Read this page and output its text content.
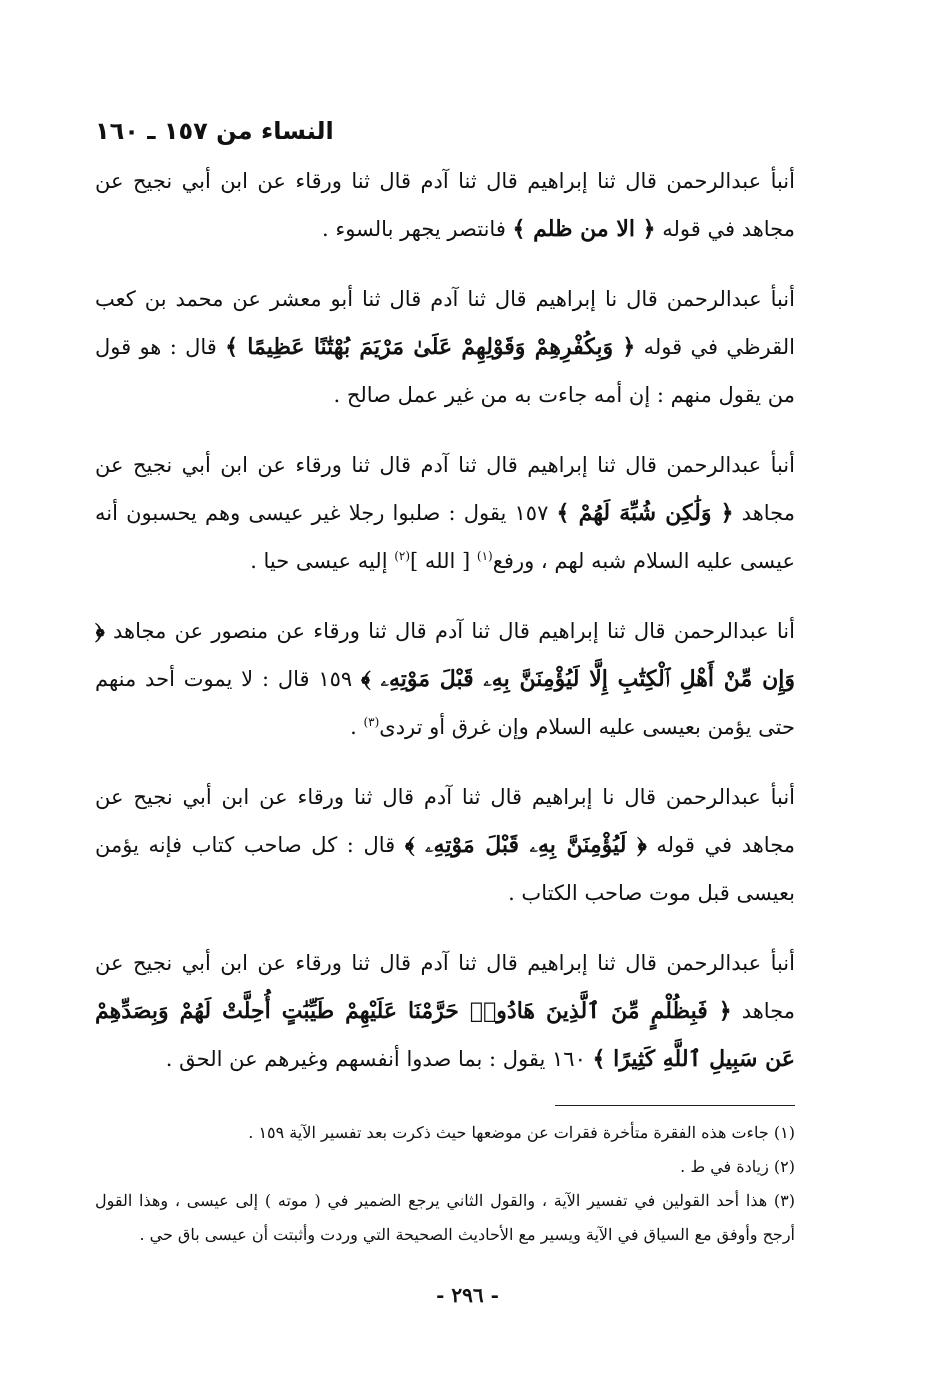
النساء من ١٥٧ ـ ١٦٠

أنبأ عبدالرحمن قال ثنا إبراهيم قال ثنا آدم قال ثنا ورقاء عن ابن أبي نجيح عن مجاهد في قوله ﴿ الا من ظلم ﴾ فانتصر يجهر بالسوء .

أنبأ عبدالرحمن قال نا إبراهيم قال ثنا آدم قال ثنا أبو معشر عن محمد بن كعب القرظي في قوله ﴿ وَبِكُفْرِهِمْ وَقَوْلِهِمْ عَلَىٰ مَرْيَمَ بُهْتَٰنًا عَظِيمًا ﴾ قال : هو قول من يقول منهم : إن أمه جاءت به من غير عمل صالح .

أنبأ عبدالرحمن قال ثنا إبراهيم قال ثنا آدم قال ثنا ورقاء عن ابن أبي نجيح عن مجاهد ﴿ وَلَٰكِن شُبِّهَ لَهُمْ ﴾ ١٥٧ يقول : صلبوا رجلا غير عيسى وهم يحسبون أنه عيسى عليه السلام شبه لهم ، ورفع$^{(١)}$ [ الله ]$^{(٢)}$ إليه عيسى حيا .

أنا عبدالرحمن قال ثنا إبراهيم قال ثنا آدم قال ثنا ورقاء عن منصور عن مجاهد ﴿ وَإِن مِّنْ أَهْلِ ٱلْكِتَٰبِ إِلَّا لَيُؤْمِنَنَّ بِهِۦ قَبْلَ مَوْتِهِۦ ﴾ ١٥٩ قال : لا يموت أحد منهم حتى يؤمن بعيسى عليه السلام وإن غرق أو تردى$^{(٣)}$ .

أنبأ عبدالرحمن قال نا إبراهيم قال ثنا آدم قال ثنا ورقاء عن ابن أبي نجيح عن مجاهد في قوله ﴿ لَيُؤْمِنَنَّ بِهِۦ قَبْلَ مَوْتِهِۦ ﴾ قال : كل صاحب كتاب فإنه يؤمن بعيسى قبل موت صاحب الكتاب .

أنبأ عبدالرحمن قال ثنا إبراهيم قال ثنا آدم قال ثنا ورقاء عن ابن أبي نجيح عن مجاهد ﴿ فَبِظُلْمٍ مِّنَ ٱلَّذِينَ هَادُوا۟ حَرَّمْنَا عَلَيْهِمْ طَيِّبَٰتٍ أُحِلَّتْ لَهُمْ وَبِصَدِّهِمْ عَن سَبِيلِ ٱللَّهِ كَثِيرًا ﴾ ١٦٠ يقول : بما صدوا أنفسهم وغيرهم عن الحق .

(١) جاءت هذه الفقرة متأخرة فقرات عن موضعها حيث ذكرت بعد تفسير الآية ١٥٩ .
(٢) زيادة في ط .
(٣) هذا أحد القولين في تفسير الآية ، والقول الثاني يرجع الضمير في ( موته ) إلى عيسى ، وهذا القول أرجح وأوفق مع السياق في الآية ويسير مع الأحاديث الصحيحة التي وردت وأثبتت أن عيسى باق حي .
- ٢٩٦ -
